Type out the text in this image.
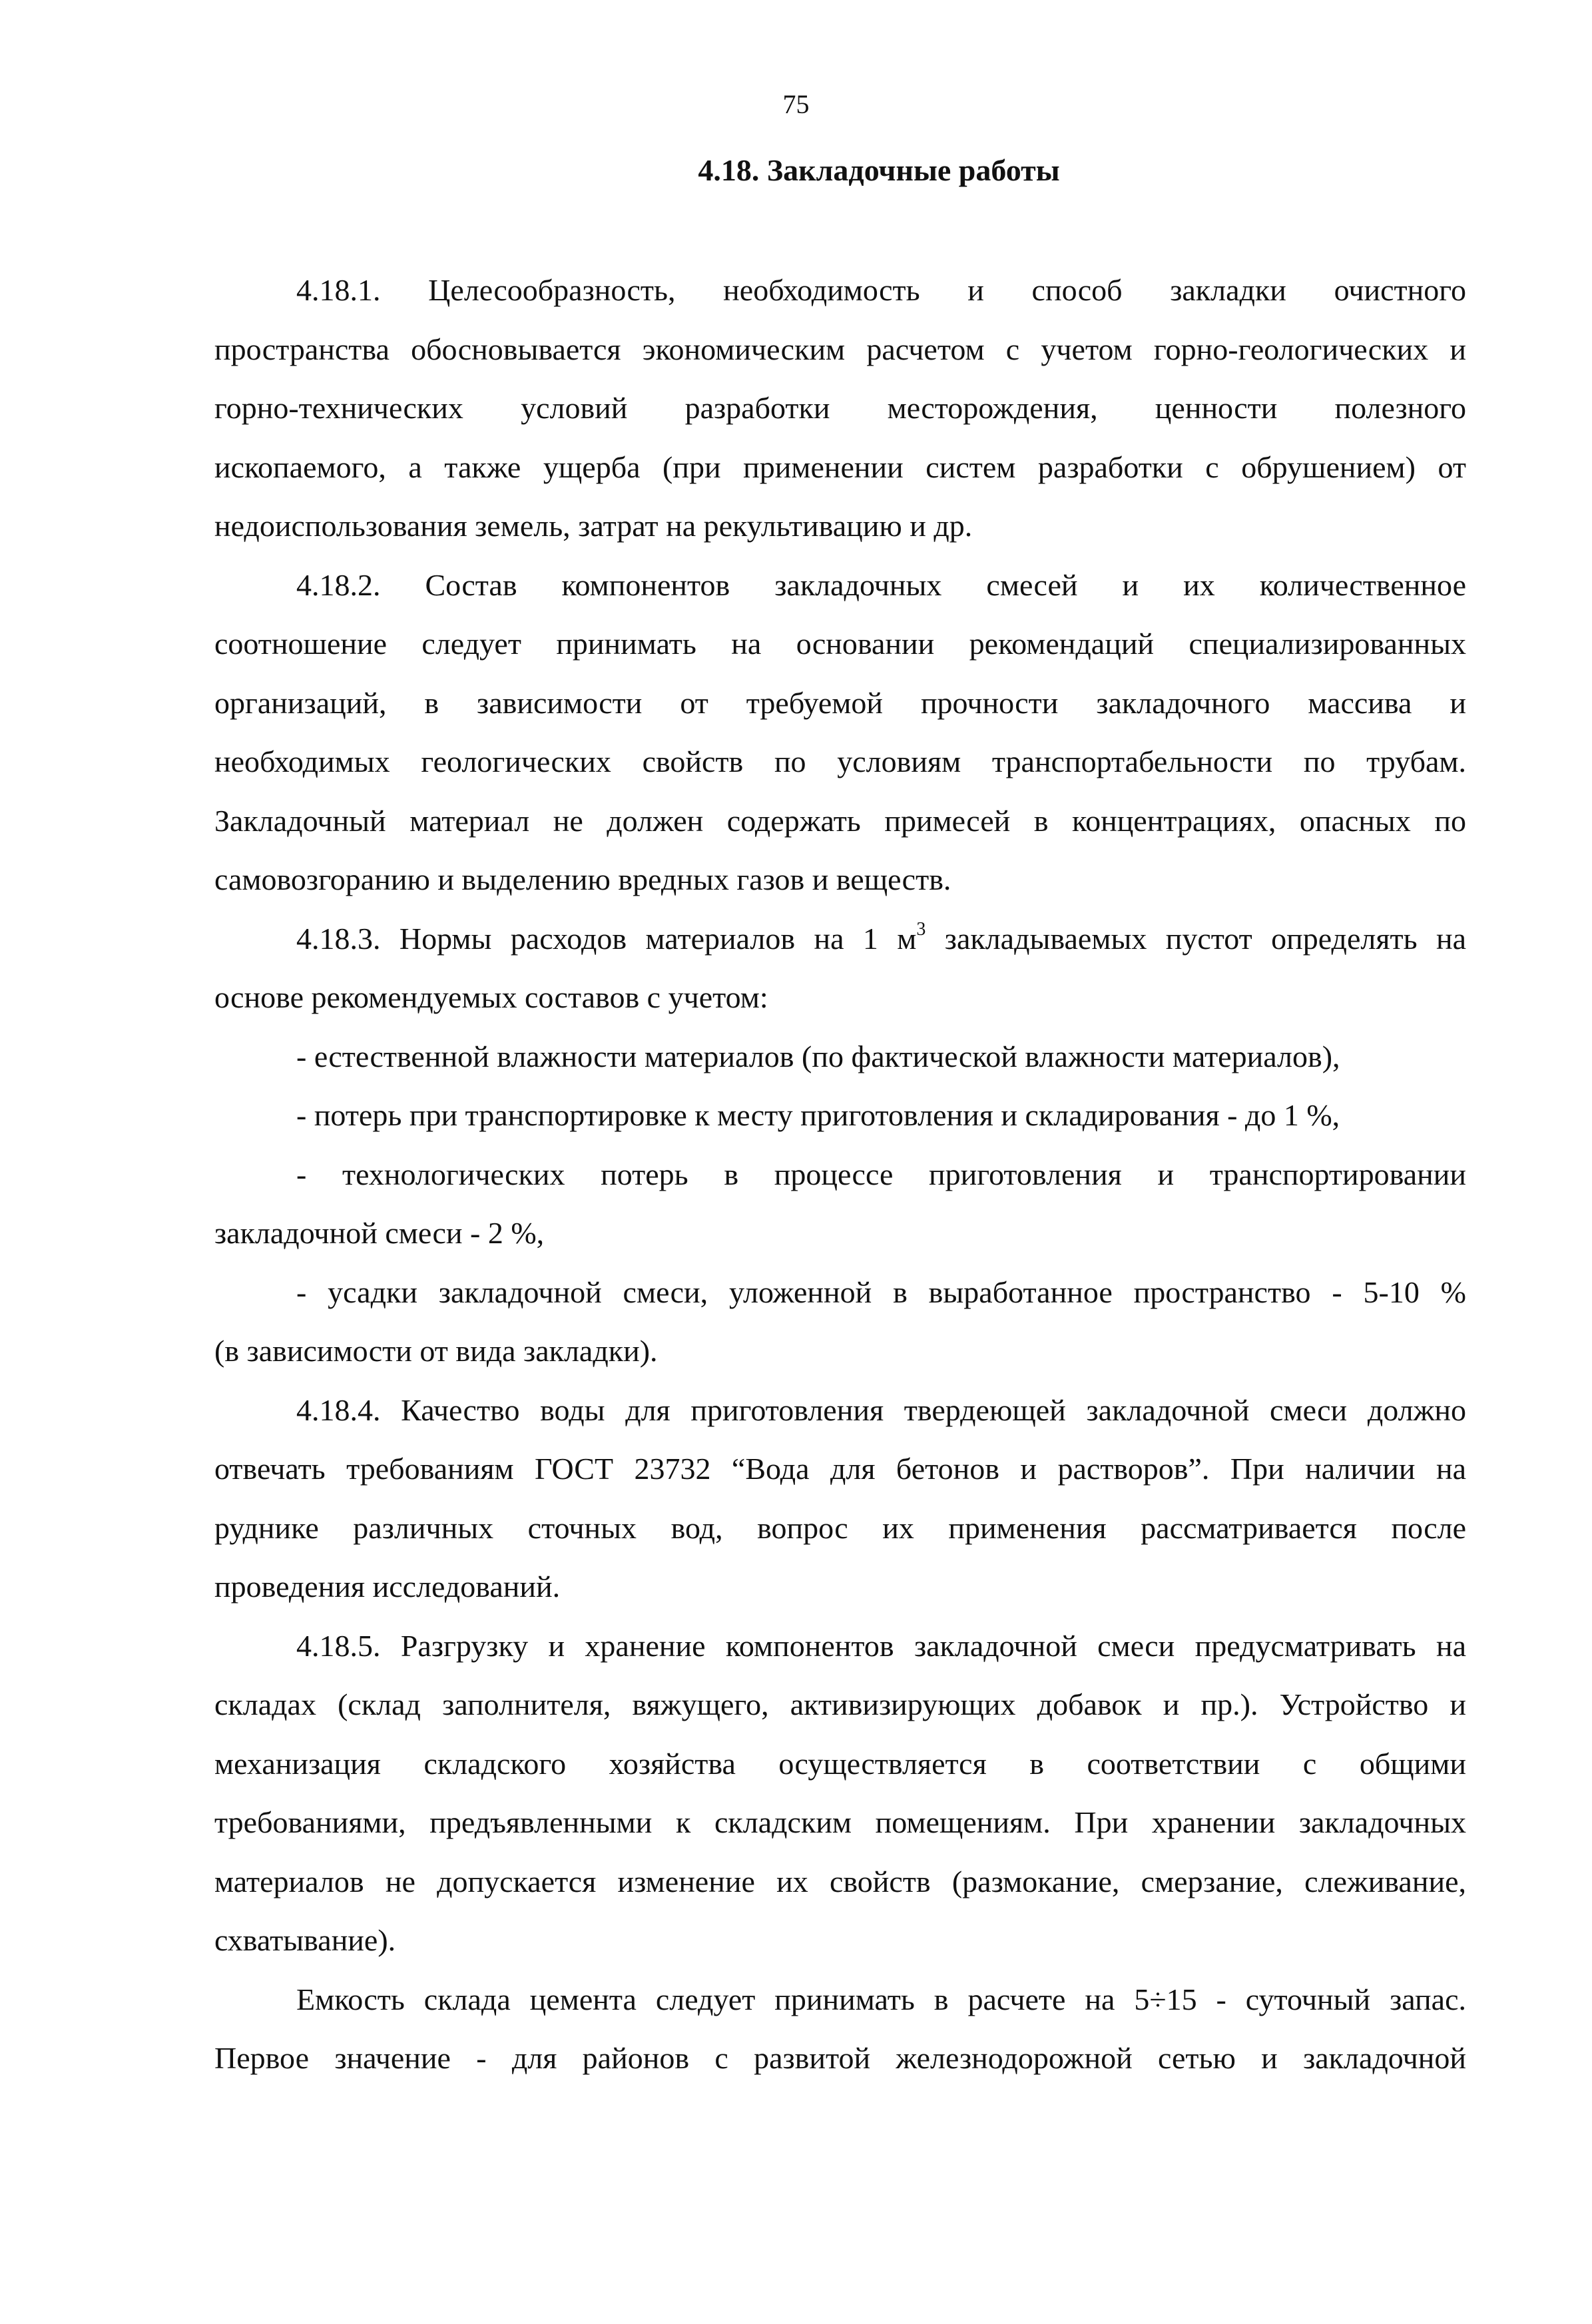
75
4.18. Закладочные работы
4.18.1. Целесообразность, необходимость и способ закладки очистного
пространства обосновывается экономическим расчетом с учетом горно-геологических и
горно-технических условий разработки месторождения, ценности полезного
ископаемого, а также ущерба (при применении систем разработки с обрушением) от
недоиспользования земель, затрат на рекультивацию и др.
4.18.2. Состав компонентов закладочных смесей и их количественное
соотношение следует принимать на основании рекомендаций специализированных
организаций, в зависимости от требуемой прочности закладочного массива и
необходимых геологических свойств по условиям транспортабельности по трубам.
Закладочный материал не должен содержать примесей в концентрациях, опасных по
самовозгоранию и выделению вредных газов и веществ.
4.18.3. Нормы расходов материалов на 1 $м^3$ закладываемых пустот определять на
основе рекомендуемых составов с учетом:
- естественной влажности материалов (по фактической влажности материалов),
- потерь при транспортировке к месту приготовления и складирования - до 1 %,
- технологических потерь в процессе приготовления и транспортировании
закладочной смеси - 2 %,
- усадки закладочной смеси, уложенной в выработанное пространство - 5-10 %
(в зависимости от вида закладки).
4.18.4. Качество воды для приготовления твердеющей закладочной смеси должно
отвечать требованиям ГОСТ 23732 “Вода для бетонов и растворов”. При наличии на
руднике различных сточных вод, вопрос их применения рассматривается после
проведения исследований.
4.18.5. Разгрузку и хранение компонентов закладочной смеси предусматривать на
складах (склад заполнителя, вяжущего, активизирующих добавок и пр.). Устройство и
механизация складского хозяйства осуществляется в соответствии с общими
требованиями, предъявленными к складским помещениям. При хранении закладочных
материалов не допускается изменение их свойств (размокание, смерзание, слеживание,
схватывание).
Емкость склада цемента следует принимать в расчете на 5÷15 - суточный запас.
Первое значение - для районов с развитой железнодорожной сетью и закладочной
